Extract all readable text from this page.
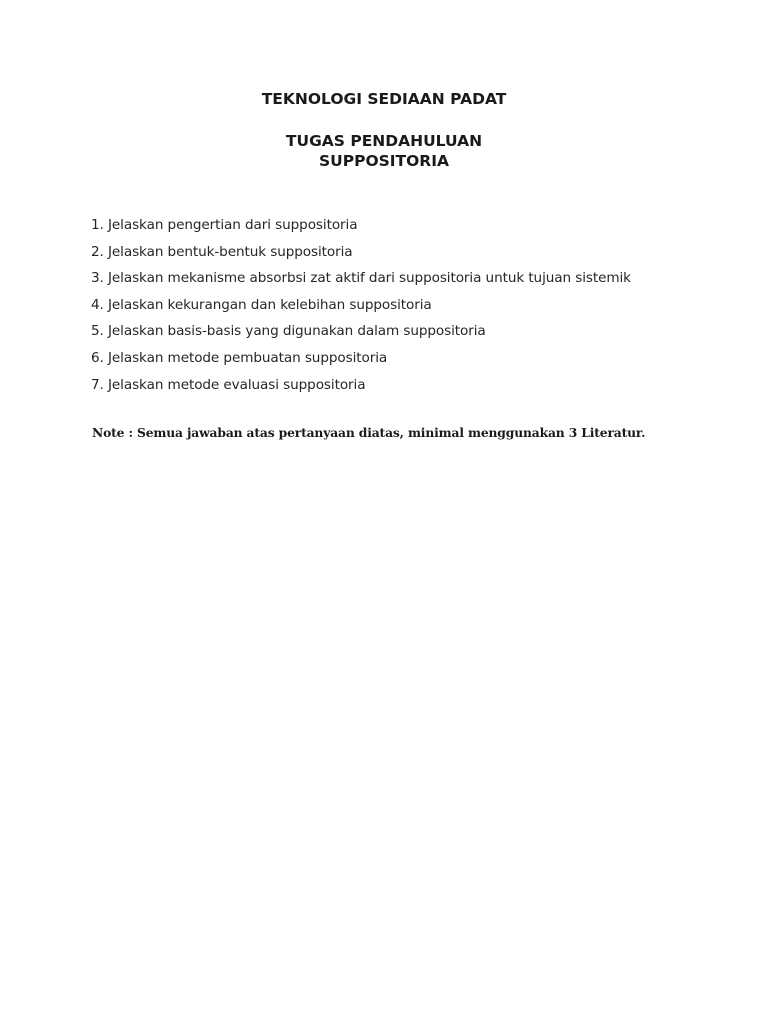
TEKNOLOGI SEDIAAN PADAT
TUGAS PENDAHULUAN
SUPPOSITORIA
1. Jelaskan pengertian dari suppositoria
2. Jelaskan bentuk-bentuk suppositoria
3. Jelaskan mekanisme absorbsi zat aktif dari suppositoria untuk tujuan sistemik
4. Jelaskan kekurangan dan kelebihan suppositoria
5. Jelaskan basis-basis yang digunakan dalam suppositoria
6. Jelaskan metode pembuatan suppositoria
7. Jelaskan metode evaluasi suppositoria

Note : Semua jawaban atas pertanyaan diatas, minimal menggunakan 3 Literatur.
